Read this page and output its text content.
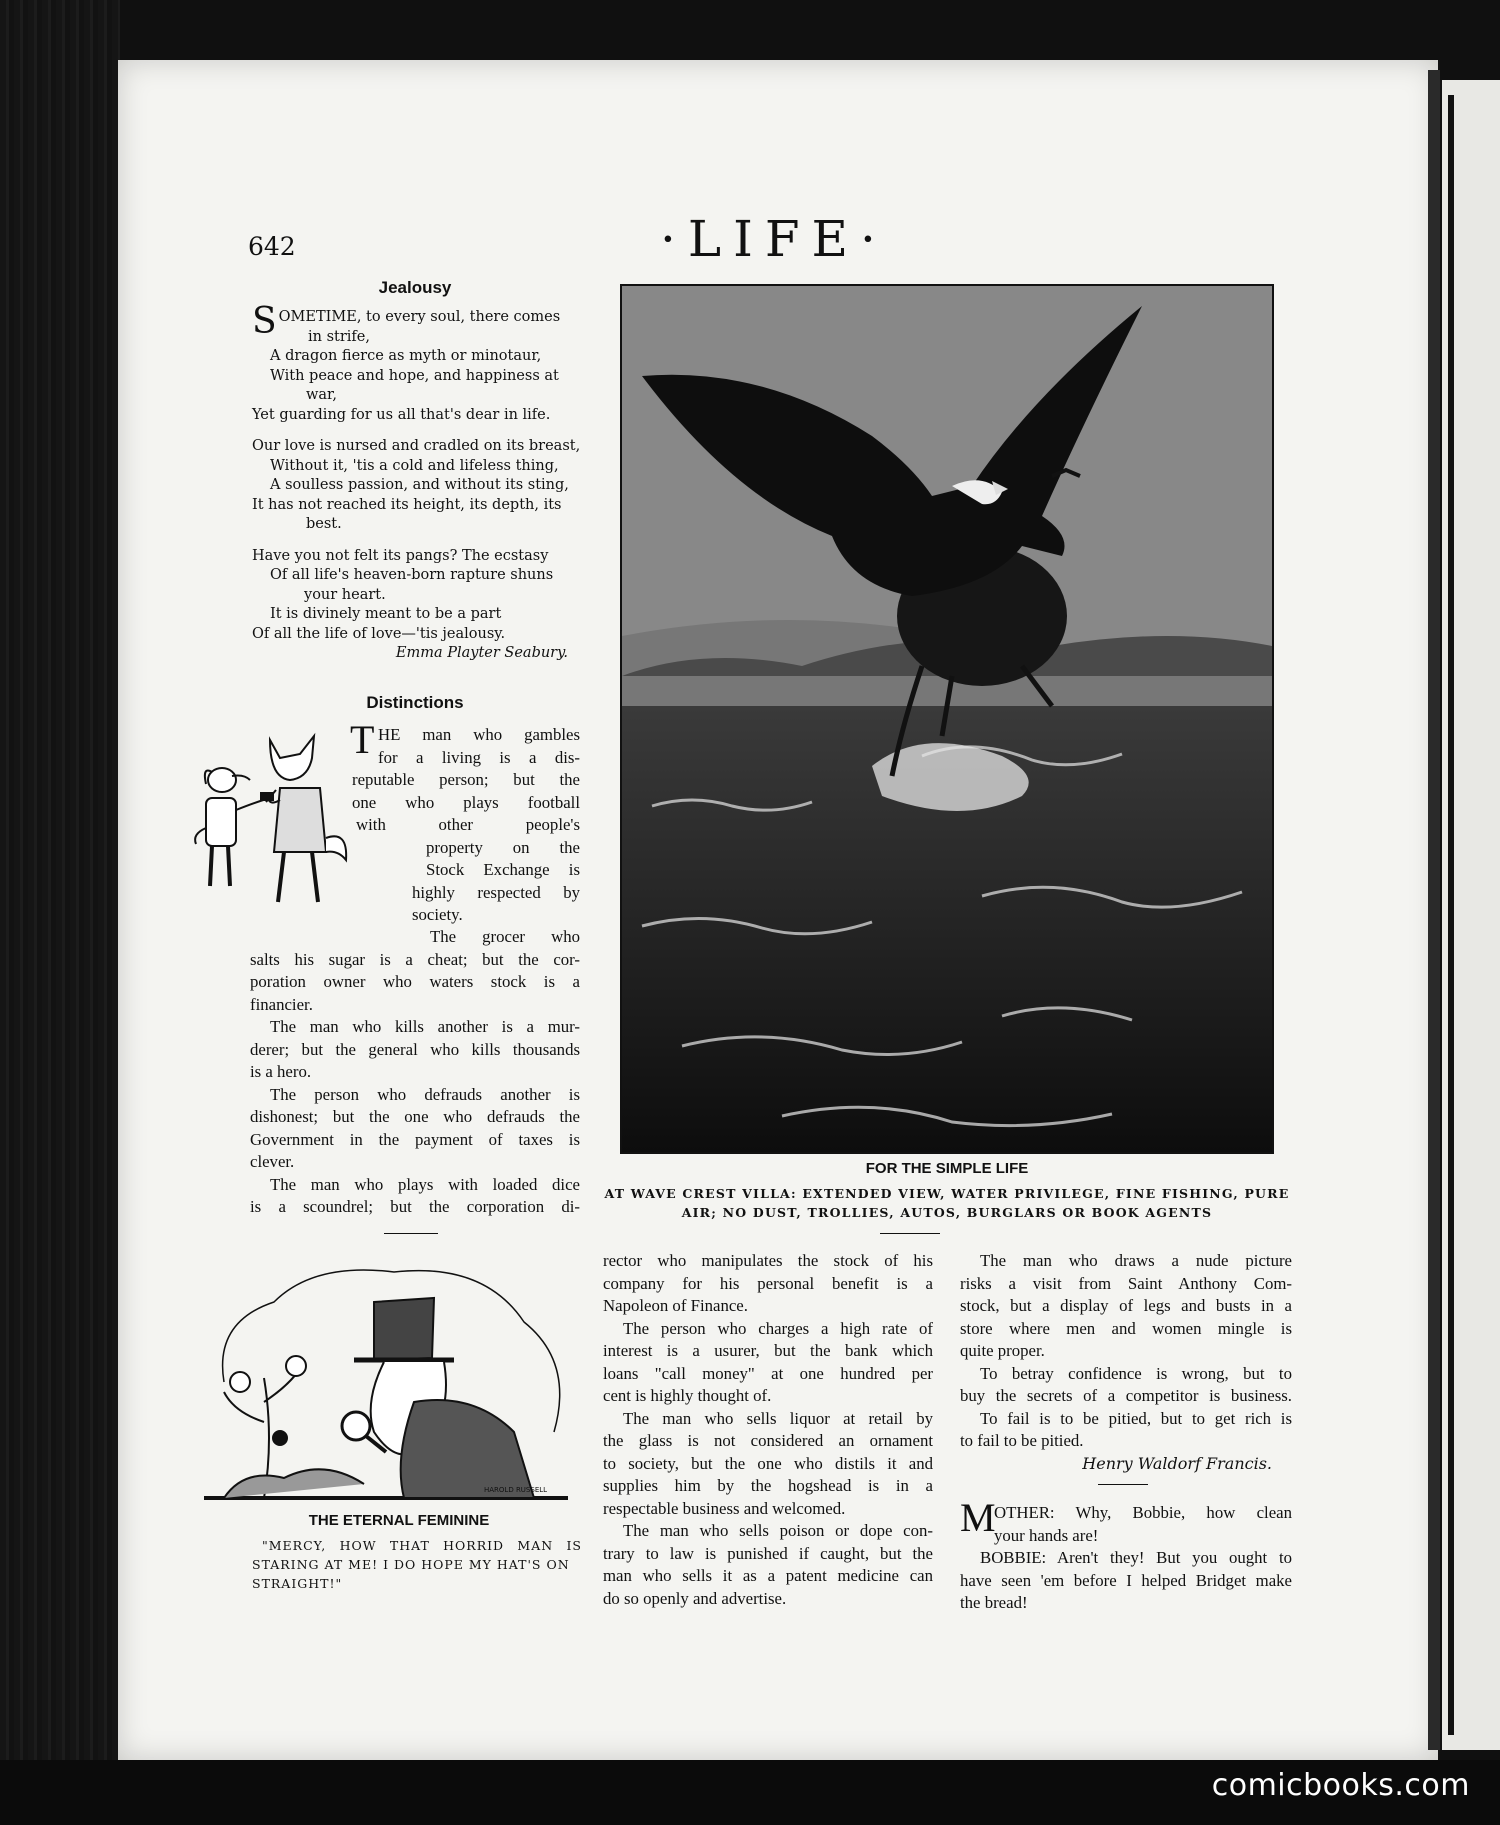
642	·LIFE·
Jealousy
SOMETIME, to every soul, there comes
in strife,
A dragon fierce as myth or minotaur,
With peace and hope, and happiness at
war,
Yet guarding for us all that's dear in life.
Our love is nursed and cradled on its breast,
Without it, 'tis a cold and lifeless thing,
A soulless passion, and without its sting,
It has not reached its height, its depth, its
best.
Have you not felt its pangs? The ecstasy
Of all life's heaven-born rapture shuns
your heart.
It is divinely meant to be a part
Of all the life of love—'tis jealousy.
Emma Playter Seabury.
Distinctions
T HE man who gambles
for a living is a dis-
reputable person; but the
one who plays football
with other people's
property on the
Stock Exchange is
highly respected by
society.
The grocer who
salts his sugar is a cheat; but the cor-
poration owner who waters stock is a
financier.
The man who kills another is a mur-
derer; but the general who kills thousands
is a hero.
The person who defrauds another is
dishonest; but the one who defrauds the
Government in the payment of taxes is
clever.
The man who plays with loaded dice
is a scoundrel; but the corporation di-
FOR THE SIMPLE LIFE
AT WAVE CREST VILLA: EXTENDED VIEW, WATER PRIVILEGE, FINE FISHING, PURE
AIR; NO DUST, TROLLIES, AUTOS, BURGLARS OR BOOK AGENTS
HAROLD RUSSELL
THE ETERNAL FEMININE
"MERCY, HOW THAT HORRID MAN IS
STARING AT ME! I DO HOPE MY HAT'S ON
STRAIGHT!"
rector who manipulates the stock of his
company for his personal benefit is a
Napoleon of Finance.
The person who charges a high rate of
interest is a usurer, but the bank which
loans "call money" at one hundred per
cent is highly thought of.
The man who sells liquor at retail by
the glass is not considered an ornament
to society, but the one who distils it and
supplies him by the hogshead is in a
respectable business and welcomed.
The man who sells poison or dope con-
trary to law is punished if caught, but the
man who sells it as a patent medicine can
do so openly and advertise.
The man who draws a nude picture
risks a visit from Saint Anthony Com-
stock, but a display of legs and busts in a
store where men and women mingle is
quite proper.
To betray confidence is wrong, but to
buy the secrets of a competitor is business.
To fail is to be pitied, but to get rich is
to fail to be pitied.
Henry Waldorf Francis.
M
OTHER: Why, Bobbie, how clean
your hands are!
BOBBIE: Aren't they! But you ought to
have seen 'em before I helped Bridget make
the bread!
comicbooks.com
